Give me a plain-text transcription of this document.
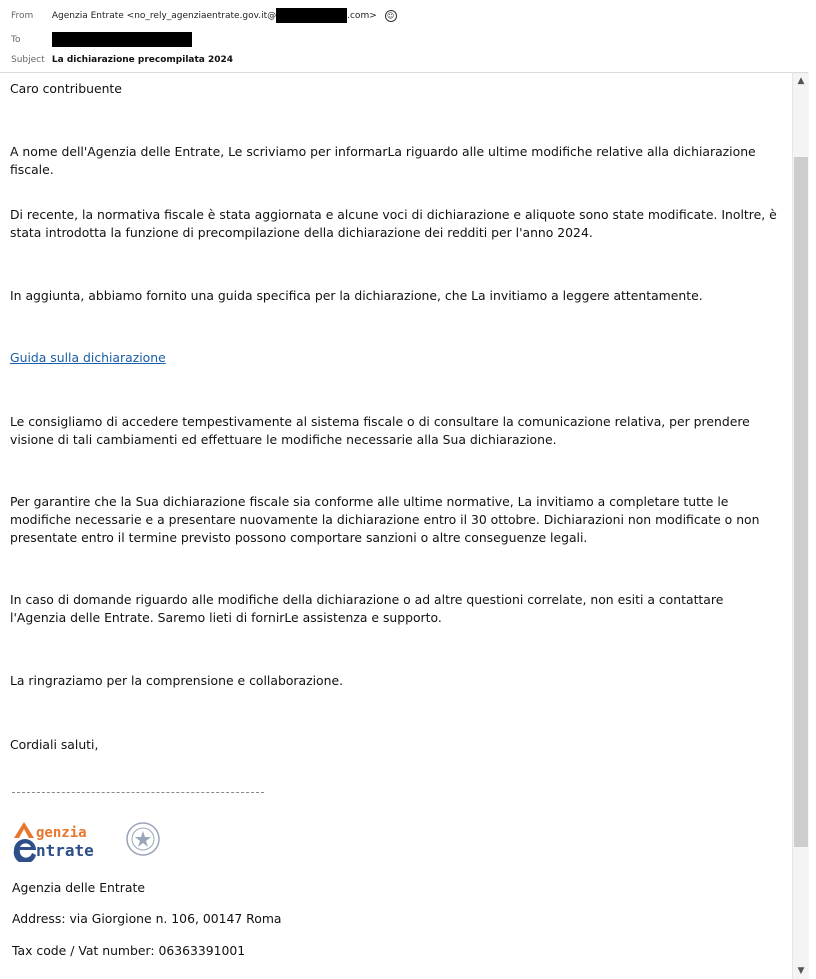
From Agenzia Entrate <no_rely_agenziaentrate.gov.it@	.com> ☺
To
Subject La dichiarazione precompilata 2024

Caro contribuente

A nome dell'Agenzia delle Entrate, Le scriviamo per informarLa riguardo alle ultime modifiche relative alla dichiarazione fiscale.

Di recente, la normativa fiscale è stata aggiornata e alcune voci di dichiarazione e aliquote sono state modificate. Inoltre, è stata introdotta la funzione di precompilazione della dichiarazione dei redditi per l'anno 2024.

In aggiunta, abbiamo fornito una guida specifica per la dichiarazione, che La invitiamo a leggere attentamente.

Guida sulla dichiarazione

Le consigliamo di accedere tempestivamente al sistema fiscale o di consultare la comunicazione relativa, per prendere visione di tali cambiamenti ed effettuare le modifiche necessarie alla Sua dichiarazione.

Per garantire che la Sua dichiarazione fiscale sia conforme alle ultime normative, La invitiamo a completare tutte le modifiche necessarie e a presentare nuovamente la dichiarazione entro il 30 ottobre. Dichiarazioni non modificate o non presentate entro il termine previsto possono comportare sanzioni o altre conseguenze legali.

In caso di domande riguardo alle modifiche della dichiarazione o ad altre questioni correlate, non esiti a contattare l'Agenzia delle Entrate. Saremo lieti di fornirLe assistenza e supporto.

La ringraziamo per la comprensione e collaborazione.

Cordiali saluti,

genzia
ntrate
Agenzia delle Entrate
Address: via Giorgione n. 106, 00147 Roma
Tax code / Vat number: 06363391001
▲
▼
